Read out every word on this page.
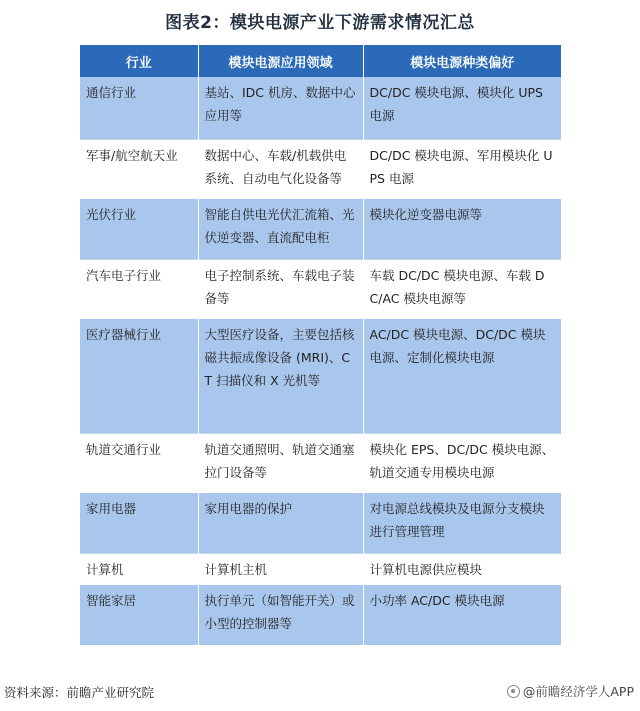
图表2：模块电源产业下游需求情况汇总
行业	模块电源应用领域	模块电源种类偏好
通信行业	基站、IDC 机房、数据中心应用等	DC/DC 模块电源、模块化 UPS 电源
军事/航空航天业	数据中心、车载/机载供电系统、自动电气化设备等	DC/DC 模块电源、军用模块化 UPS 电源
光伏行业	智能自供电光伏汇流箱、光伏逆变器、直流配电柜	模块化逆变器电源等
汽车电子行业	电子控制系统、车载电子装备等	车载 DC/DC 模块电源、车载 DC/AC 模块电源等
医疗器械行业	大型医疗设备，主要包括核磁共振成像设备 (MRI)、CT 扫描仪和 X 光机等	AC/DC 模块电源、DC/DC 模块电源、定制化模块电源
轨道交通行业	轨道交通照明、轨道交通塞拉门设备等	模块化 EPS、DC/DC 模块电源、轨道交通专用模块电源
家用电器	家用电器的保护	对电源总线模块及电源分支模块进行管理管理
计算机	计算机主机	计算机电源供应模块
智能家居	执行单元（如智能开关）或小型的控制器等	小功率 AC/DC 模块电源
资料来源：前瞻产业研究院	@前瞻经济学人APP
